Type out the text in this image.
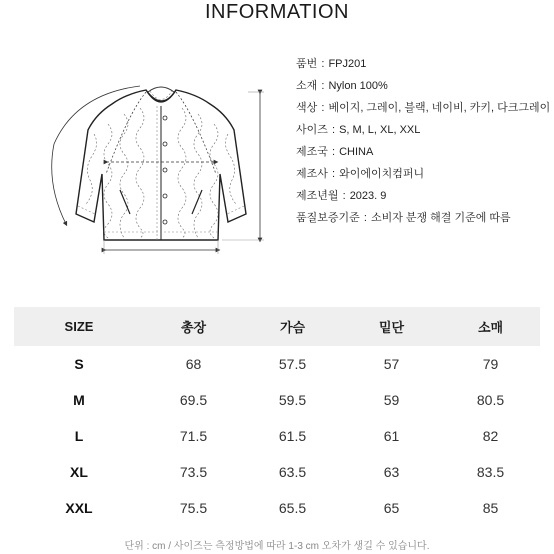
INFORMATION
품번 : FPJ201
소재 : Nylon 100%
색상 : 베이지, 그레이, 블랙, 네이비, 카키, 다크그레이
사이즈 : S, M, L, XL, XXL
제조국 : CHINA
제조사 : 와이에이치컴퍼니
제조년월 : 2023. 9
품질보증기준 : 소비자 분쟁 해결 기준에 따름
SIZE	총장	가슴	밑단	소매
S	68	57.5	57	79
M	69.5	59.5	59	80.5
L	71.5	61.5	61	82
XL	73.5	63.5	63	83.5
XXL	75.5	65.5	65	85
단위 : cm / 사이즈는 측정방법에 따라 1-3 cm 오차가 생길 수 있습니다.
